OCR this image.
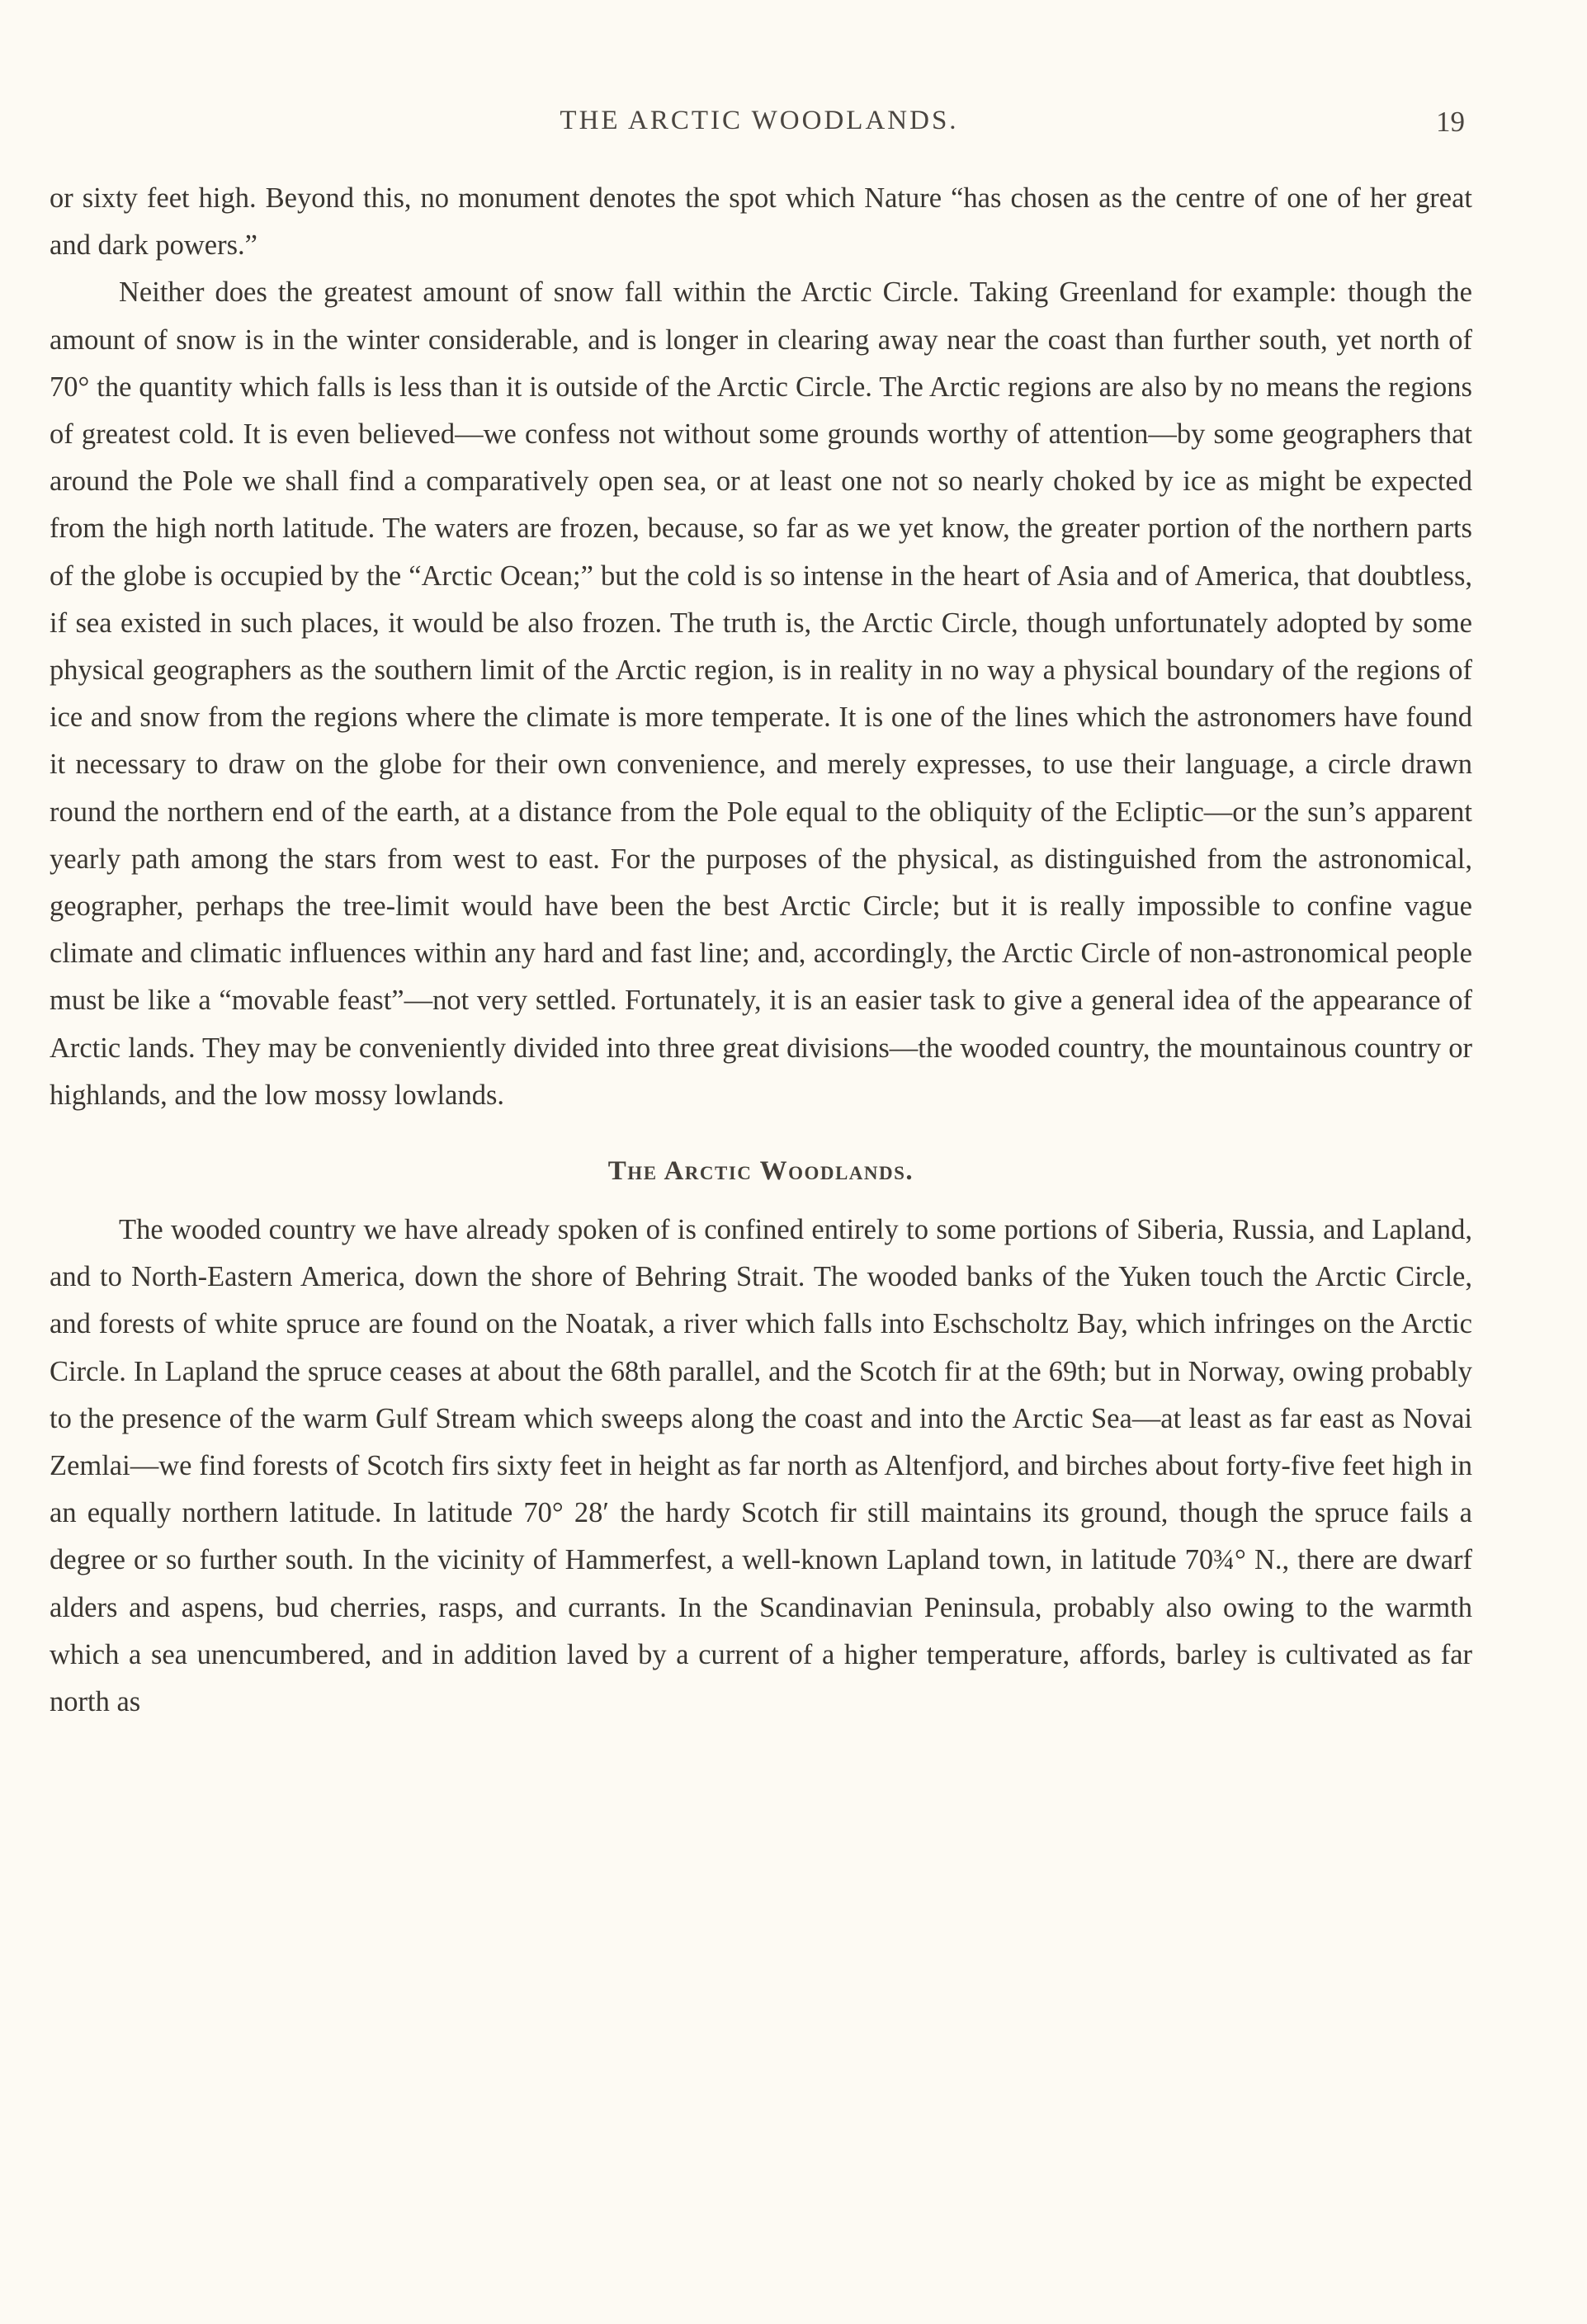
THE ARCTIC WOODLANDS.	19

or sixty feet high. Beyond this, no monument denotes the spot which Nature “has chosen as the centre of one of her great and dark powers.”

Neither does the greatest amount of snow fall within the Arctic Circle. Taking Greenland for example: though the amount of snow is in the winter considerable, and is longer in clearing away near the coast than further south, yet north of 70° the quantity which falls is less than it is outside of the Arctic Circle. The Arctic regions are also by no means the regions of greatest cold. It is even believed—we confess not without some grounds worthy of attention—by some geographers that around the Pole we shall find a comparatively open sea, or at least one not so nearly choked by ice as might be expected from the high north latitude. The waters are frozen, because, so far as we yet know, the greater portion of the northern parts of the globe is occupied by the “Arctic Ocean;” but the cold is so intense in the heart of Asia and of America, that doubtless, if sea existed in such places, it would be also frozen. The truth is, the Arctic Circle, though unfortunately adopted by some physical geographers as the southern limit of the Arctic region, is in reality in no way a physical boundary of the regions of ice and snow from the regions where the climate is more temperate. It is one of the lines which the astronomers have found it necessary to draw on the globe for their own convenience, and merely expresses, to use their language, a circle drawn round the northern end of the earth, at a distance from the Pole equal to the obliquity of the Ecliptic—or the sun’s apparent yearly path among the stars from west to east. For the purposes of the physical, as distinguished from the astronomical, geographer, perhaps the tree-limit would have been the best Arctic Circle; but it is really impossible to confine vague climate and climatic influences within any hard and fast line; and, accordingly, the Arctic Circle of non-astronomical people must be like a “movable feast”—not very settled. Fortunately, it is an easier task to give a general idea of the appearance of Arctic lands. They may be conveniently divided into three great divisions—the wooded country, the mountainous country or highlands, and the low mossy lowlands.

The Arctic Woodlands.

The wooded country we have already spoken of is confined entirely to some portions of Siberia, Russia, and Lapland, and to North-Eastern America, down the shore of Behring Strait. The wooded banks of the Yuken touch the Arctic Circle, and forests of white spruce are found on the Noatak, a river which falls into Eschscholtz Bay, which infringes on the Arctic Circle. In Lapland the spruce ceases at about the 68th parallel, and the Scotch fir at the 69th; but in Norway, owing probably to the presence of the warm Gulf Stream which sweeps along the coast and into the Arctic Sea—at least as far east as Novai Zemlai—we find forests of Scotch firs sixty feet in height as far north as Altenfjord, and birches about forty-five feet high in an equally northern latitude. In latitude 70° 28′ the hardy Scotch fir still maintains its ground, though the spruce fails a degree or so further south. In the vicinity of Hammerfest, a well-known Lapland town, in latitude 70¾° N., there are dwarf alders and aspens, bud cherries, rasps, and currants. In the Scandinavian Peninsula, probably also owing to the warmth which a sea unencumbered, and in addition laved by a current of a higher temperature, affords, barley is cultivated as far north as
